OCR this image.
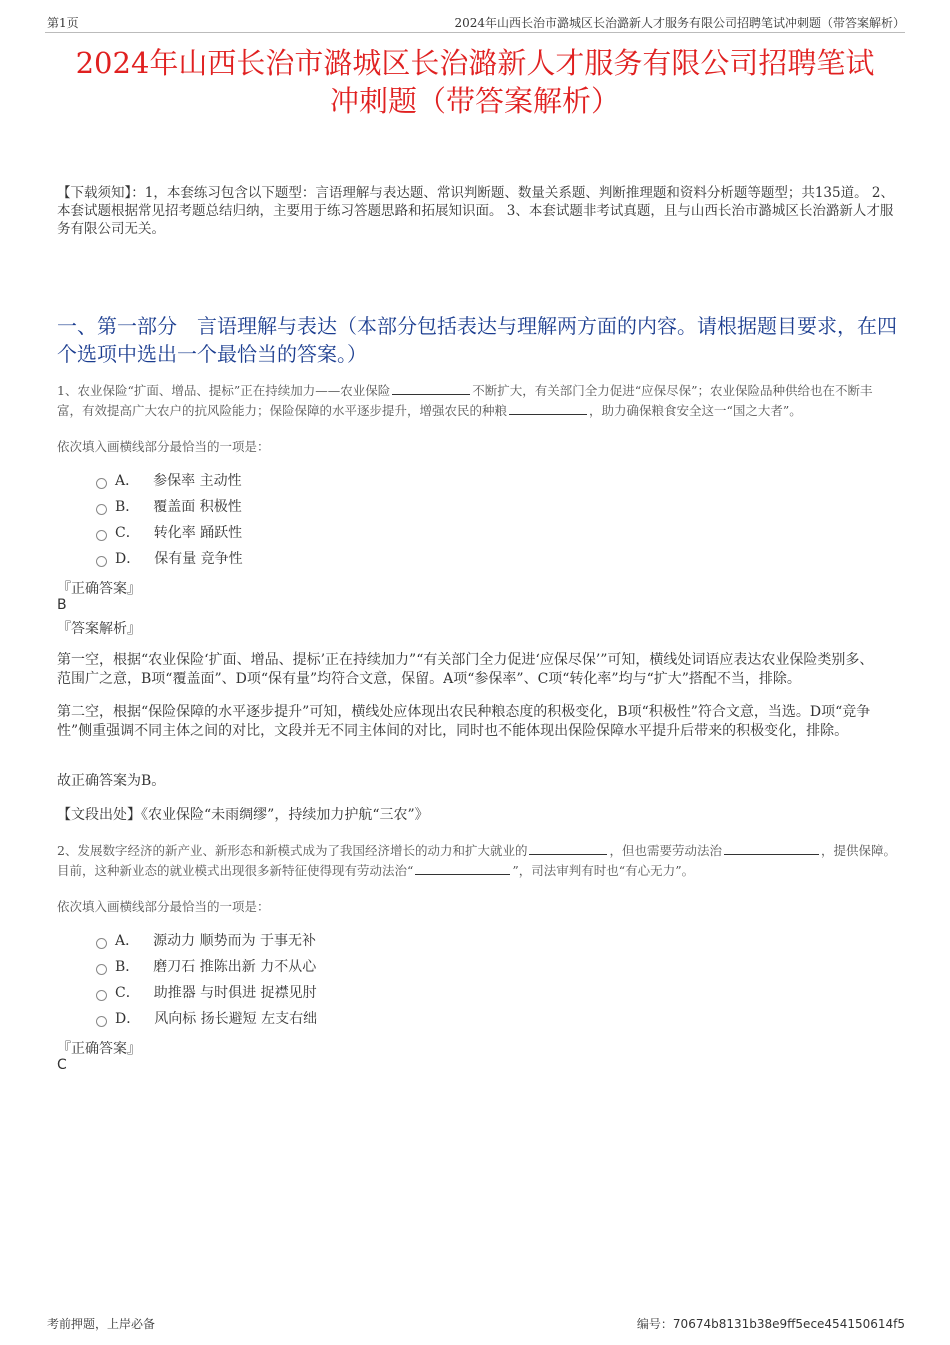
第1页	2024年山西长治市潞城区长治潞新人才服务有限公司招聘笔试冲刺题（带答案解析）
2024年山西长治市潞城区长治潞新人才服务有限公司招聘笔试
冲刺题（带答案解析）
【下载须知】：1，本套练习包含以下题型：言语理解与表达题、常识判断题、数量关系题、判断推理题和资料分析题等题型；共135道。 2、本套试题根据常见招考题总结归纳，主要用于练习答题思路和拓展知识面。 3、本套试题非考试真题，且与山西长治市潞城区长治潞新人才服务有限公司无关。
一、第一部分　言语理解与表达（本部分包括表达与理解两方面的内容。请根据题目要求，在四个选项中选出一个最恰当的答案。）
1、农业保险“扩面、增品、提标”正在持续加力——农业保险	不断扩大，有关部门全力促进“应保尽保”；农业保险品种供给也在不断丰富，有效提高广大农户的抗风险能力；保险保障的水平逐步提升，增强农民的种粮	，助力确保粮食安全这一“国之大者”。
依次填入画横线部分最恰当的一项是：
A． 参保率 主动性
B． 覆盖面 积极性
C． 转化率 踊跃性
D． 保有量 竞争性
『正确答案』
B
『答案解析』
第一空，根据“农业保险‘扩面、增品、提标’正在持续加力”“有关部门全力促进‘应保尽保’”可知，横线处词语应表达农业保险类别多、范围广之意，B项“覆盖面”、D项“保有量”均符合文意，保留。A项“参保率”、C项“转化率”均与“扩大”搭配不当，排除。
第二空，根据“保险保障的水平逐步提升”可知，横线处应体现出农民种粮态度的积极变化，B项“积极性”符合文意，当选。D项“竞争性”侧重强调不同主体之间的对比，文段并无不同主体间的对比，同时也不能体现出保险保障水平提升后带来的积极变化，排除。
故正确答案为B。
【文段出处】《农业保险“未雨绸缪”，持续加力护航“三农”》
2、发展数字经济的新产业、新形态和新模式成为了我国经济增长的动力和扩大就业的	，但也需要劳动法治	，提供保障。目前，这种新业态的就业模式出现很多新特征使得现有劳动法治“	”，司法审判有时也“有心无力”。
依次填入画横线部分最恰当的一项是：
A． 源动力 顺势而为 于事无补
B． 磨刀石 推陈出新 力不从心
C． 助推器 与时俱进 捉襟见肘
D． 风向标 扬长避短 左支右绌
『正确答案』
C
考前押题，上岸必备	编号：70674b8131b38e9ff5ece454150614f5
